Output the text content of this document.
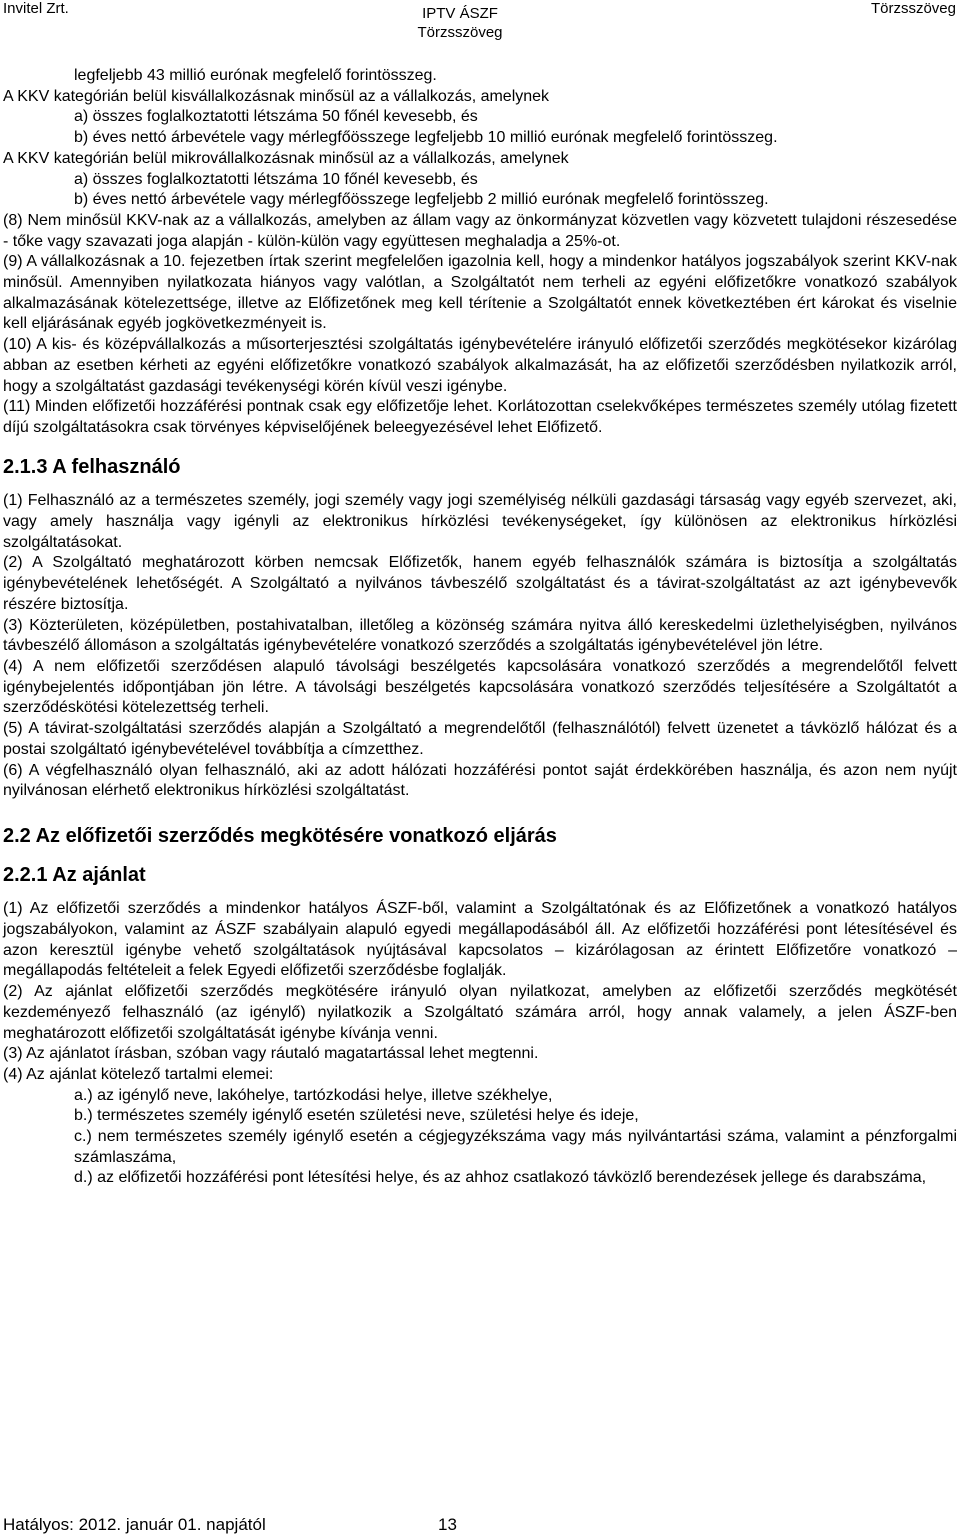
Invitel Zrt.	IPTV ÁSZF
Törzsszöveg
Törzsszöveg

legfeljebb 43 millió eurónak megfelelő forintösszeg.

A KKV kategórián belül kisvállalkozásnak minősül az a vállalkozás, amelynek

a) összes foglalkoztatotti létszáma 50 főnél kevesebb, és

b) éves nettó árbevétele vagy mérlegfőösszege legfeljebb 10 millió eurónak megfelelő forintösszeg.

A KKV kategórián belül mikrovállalkozásnak minősül az a vállalkozás, amelynek

a) összes foglalkoztatotti létszáma 10 főnél kevesebb, és

b) éves nettó árbevétele vagy mérlegfőösszege legfeljebb 2 millió eurónak megfelelő forintösszeg.

(8) Nem minősül KKV-nak az a vállalkozás, amelyben az állam vagy az önkormányzat közvetlen vagy közvetett tulajdoni részesedése - tőke vagy szavazati joga alapján - külön-külön vagy együttesen meghaladja a 25%-ot.

(9) A vállalkozásnak a 10. fejezetben írtak szerint megfelelően igazolnia kell, hogy a mindenkor hatályos jogszabályok szerint KKV-nak minősül. Amennyiben nyilatkozata hiányos vagy valótlan, a Szolgáltatót nem terheli az egyéni előfizetőkre vonatkozó szabályok alkalmazásának kötelezettsége, illetve az Előfizetőnek meg kell térítenie a Szolgáltatót ennek következtében ért károkat és viselnie kell eljárásának egyéb jogkövetkezményeit is.

(10) A kis- és középvállalkozás a műsorterjesztési szolgáltatás igénybevételére irányuló előfizetői szerződés megkötésekor kizárólag abban az esetben kérheti az egyéni előfizetőkre vonatkozó szabályok alkalmazását, ha az előfizetői szerződésben nyilatkozik arról, hogy a szolgáltatást gazdasági tevékenységi körén kívül veszi igénybe.

(11) Minden előfizetői hozzáférési pontnak csak egy előfizetője lehet. Korlátozottan cselekvőképes természetes személy utólag fizetett díjú szolgáltatásokra csak törvényes képviselőjének beleegyezésével lehet Előfizető.

2.1.3 A felhasználó

(1) Felhasználó az a természetes személy, jogi személy vagy jogi személyiség nélküli gazdasági társaság vagy egyéb szervezet, aki, vagy amely használja vagy igényli az elektronikus hírközlési tevékenységeket, így különösen az elektronikus hírközlési szolgáltatásokat.

(2) A Szolgáltató meghatározott körben nemcsak Előfizetők, hanem egyéb felhasználók számára is biztosítja a szolgáltatás igénybevételének lehetőségét. A Szolgáltató a nyilvános távbeszélő szolgáltatást és a távirat-szolgáltatást az azt igénybevevők részére biztosítja.

(3) Közterületen, középületben, postahivatalban, illetőleg a közönség számára nyitva álló kereskedelmi üzlethelyiségben, nyilvános távbeszélő állomáson a szolgáltatás igénybevételére vonatkozó szerződés a szolgáltatás igénybevételével jön létre.

(4) A nem előfizetői szerződésen alapuló távolsági beszélgetés kapcsolására vonatkozó szerződés a megrendelőtől felvett igénybejelentés időpontjában jön létre. A távolsági beszélgetés kapcsolására vonatkozó szerződés teljesítésére a Szolgáltatót a szerződéskötési kötelezettség terheli.

(5) A távirat-szolgáltatási szerződés alapján a Szolgáltató a megrendelőtől (felhasználótól) felvett üzenetet a távközlő hálózat és a postai szolgáltató igénybevételével továbbítja a címzetthez.

(6) A végfelhasználó olyan felhasználó, aki az adott hálózati hozzáférési pontot saját érdekkörében használja, és azon nem nyújt nyilvánosan elérhető elektronikus hírközlési szolgáltatást.

2.2 Az előfizetői szerződés megkötésére vonatkozó eljárás

2.2.1 Az ajánlat

(1) Az előfizetői szerződés a mindenkor hatályos ÁSZF-ből, valamint a Szolgáltatónak és az Előfizetőnek a vonatkozó hatályos jogszabályokon, valamint az ÁSZF szabályain alapuló egyedi megállapodásából áll. Az előfizetői hozzáférési pont létesítésével és azon keresztül igénybe vehető szolgáltatások nyújtásával kapcsolatos – kizárólagosan az érintett Előfizetőre vonatkozó – megállapodás feltételeit a felek Egyedi előfizetői szerződésbe foglalják.

(2) Az ajánlat előfizetői szerződés megkötésére irányuló olyan nyilatkozat, amelyben az előfizetői szerződés megkötését kezdeményező felhasználó (az igénylő) nyilatkozik a Szolgáltató számára arról, hogy annak valamely, a jelen ÁSZF-ben meghatározott előfizetői szolgáltatását igénybe kívánja venni.

(3) Az ajánlatot írásban, szóban vagy ráutaló magatartással lehet megtenni.

(4) Az ajánlat kötelező tartalmi elemei:

a.) az igénylő neve, lakóhelye, tartózkodási helye, illetve székhelye,

b.) természetes személy igénylő esetén születési neve, születési helye és ideje,

c.) nem természetes személy igénylő esetén a cégjegyzékszáma vagy más nyilvántartási száma, valamint a pénzforgalmi számlaszáma,

d.) az előfizetői hozzáférési pont létesítési helye, és az ahhoz csatlakozó távközlő berendezések jellege és darabszáma,

Hatályos: 2012. január 01. napjától	13
